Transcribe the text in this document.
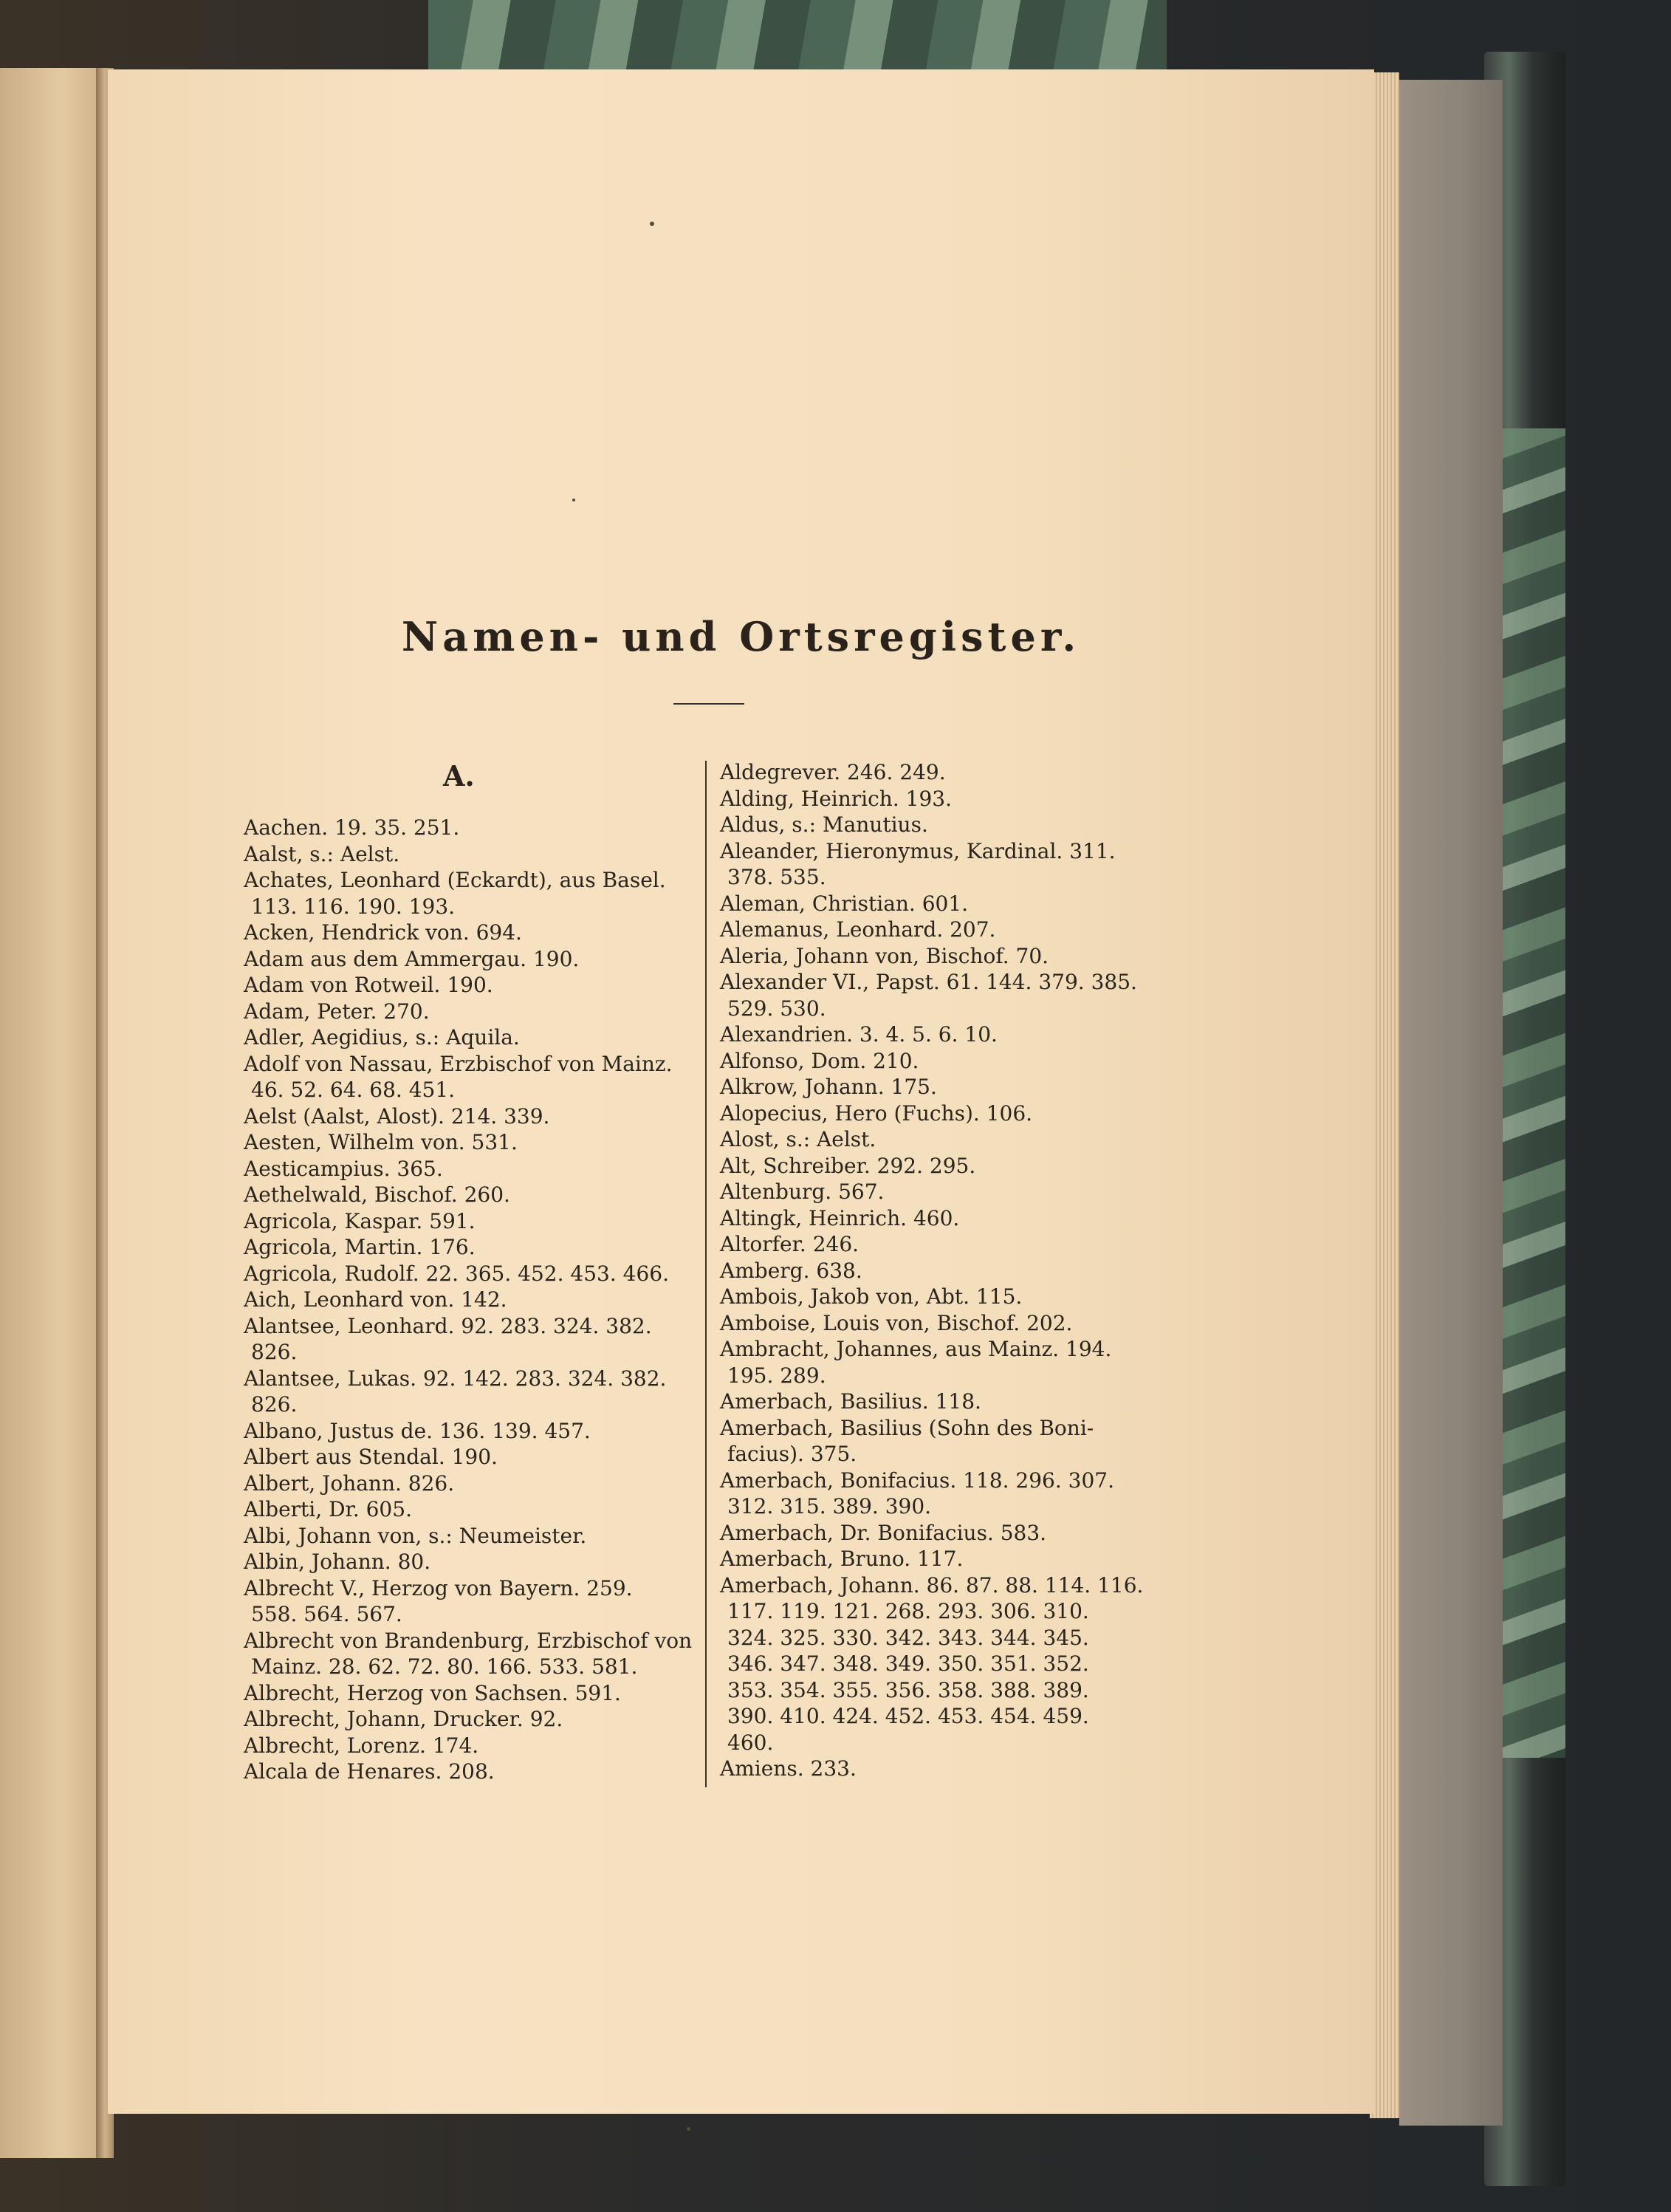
Namen- und Ortsregister.
A.
Aachen. 19. 35. 251.
Aalst, s.: Aelst.
Achates, Leonhard (Eckardt), aus Basel.
113. 116. 190. 193.
Acken, Hendrick von. 694.
Adam aus dem Ammergau. 190.
Adam von Rotweil. 190.
Adam, Peter. 270.
Adler, Aegidius, s.: Aquila.
Adolf von Nassau, Erzbischof von Mainz.
46. 52. 64. 68. 451.
Aelst (Aalst, Alost). 214. 339.
Aesten, Wilhelm von. 531.
Aesticampius. 365.
Aethelwald, Bischof. 260.
Agricola, Kaspar. 591.
Agricola, Martin. 176.
Agricola, Rudolf. 22. 365. 452. 453. 466.
Aich, Leonhard von. 142.
Alantsee, Leonhard. 92. 283. 324. 382.
826.
Alantsee, Lukas. 92. 142. 283. 324. 382.
826.
Albano, Justus de. 136. 139. 457.
Albert aus Stendal. 190.
Albert, Johann. 826.
Alberti, Dr. 605.
Albi, Johann von, s.: Neumeister.
Albin, Johann. 80.
Albrecht V., Herzog von Bayern. 259.
558. 564. 567.
Albrecht von Brandenburg, Erzbischof von
Mainz. 28. 62. 72. 80. 166. 533. 581.
Albrecht, Herzog von Sachsen. 591.
Albrecht, Johann, Drucker. 92.
Albrecht, Lorenz. 174.
Alcala de Henares. 208.
Aldegrever. 246. 249.
Alding, Heinrich. 193.
Aldus, s.: Manutius.
Aleander, Hieronymus, Kardinal. 311.
378. 535.
Aleman, Christian. 601.
Alemanus, Leonhard. 207.
Aleria, Johann von, Bischof. 70.
Alexander VI., Papst. 61. 144. 379. 385.
529. 530.
Alexandrien. 3. 4. 5. 6. 10.
Alfonso, Dom. 210.
Alkrow, Johann. 175.
Alopecius, Hero (Fuchs). 106.
Alost, s.: Aelst.
Alt, Schreiber. 292. 295.
Altenburg. 567.
Altingk, Heinrich. 460.
Altorfer. 246.
Amberg. 638.
Ambois, Jakob von, Abt. 115.
Amboise, Louis von, Bischof. 202.
Ambracht, Johannes, aus Mainz. 194.
195. 289.
Amerbach, Basilius. 118.
Amerbach, Basilius (Sohn des Boni-
facius). 375.
Amerbach, Bonifacius. 118. 296. 307.
312. 315. 389. 390.
Amerbach, Dr. Bonifacius. 583.
Amerbach, Bruno. 117.
Amerbach, Johann. 86. 87. 88. 114. 116.
117. 119. 121. 268. 293. 306. 310.
324. 325. 330. 342. 343. 344. 345.
346. 347. 348. 349. 350. 351. 352.
353. 354. 355. 356. 358. 388. 389.
390. 410. 424. 452. 453. 454. 459.
460.
Amiens. 233.
